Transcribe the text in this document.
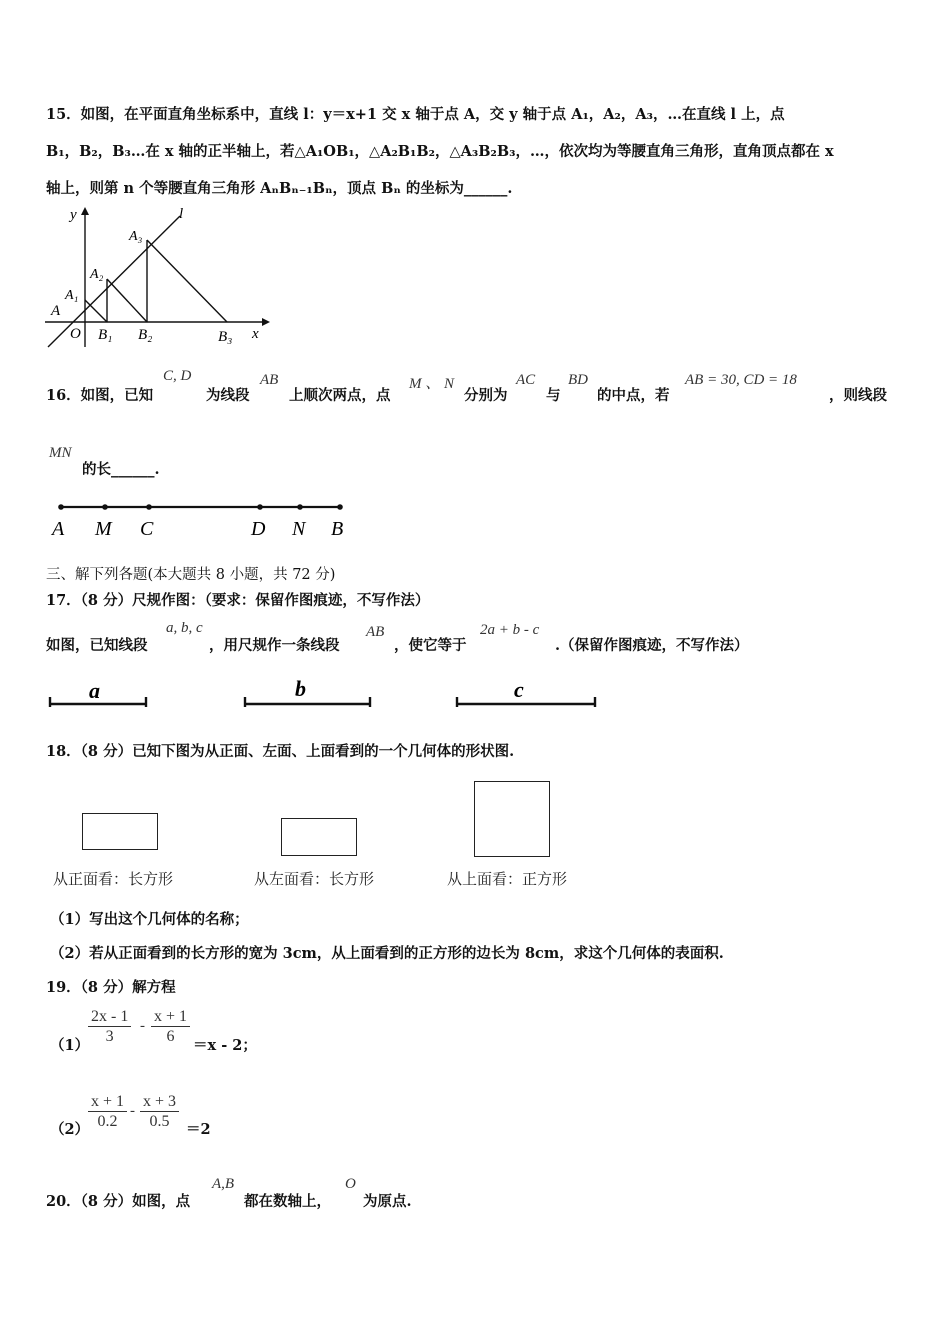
15．如图，在平面直角坐标系中，直线 l：y＝x+1 交 x 轴于点 A，交 y 轴于点 A₁，A₂，A₃，…在直线 l 上，点
B₁，B₂，B₃…在 x 轴的正半轴上，若△A₁OB₁，△A₂B₁B₂，△A₃B₂B₃，…，依次均为等腰直角三角形，直角顶点都在 x
轴上，则第 n 个等腰直角三角形 AₙBₙ₋₁Bₙ，顶点 Bₙ 的坐标为______.
y	l
A₃
A₂
A₁
A
O B₁ B₂	B₃ x
16．如图，已知
C, D
为线段
AB
上顺次两点，点
M 、 N
分别为
AC
与
BD
的中点，若
AB = 30, CD = 18
，则线段
MN
的长______.
A M C	D N B
三、解下列各题(本大题共 8 小题，共 72 分)
17．（8 分）尺规作图：（要求：保留作图痕迹，不写作法）
如图，已知线段
a, b, c
，用尺规作一条线段
AB
，使它等于
2a + b - c
.（保留作图痕迹，不写作法）
a	b	c
18．（8 分）已知下图为从正面、左面、上面看到的一个几何体的形状图.
从正面看：长方形	从左面看：长方形	从上面看：正方形
（1）写出这个几何体的名称；
（2）若从正面看到的长方形的宽为 3cm，从上面看到的正方形的边长为 8cm，求这个几何体的表面积.
19．（8 分）解方程
（1）
$\frac{2x - 1}{3} - \frac{x + 1}{6} =x - 2$；
（2）
$\frac{x + 1}{0.2} - \frac{x + 3}{0.5} =2$
20．（8 分）如图，点
A,B
都在数轴上，
O
为原点.
